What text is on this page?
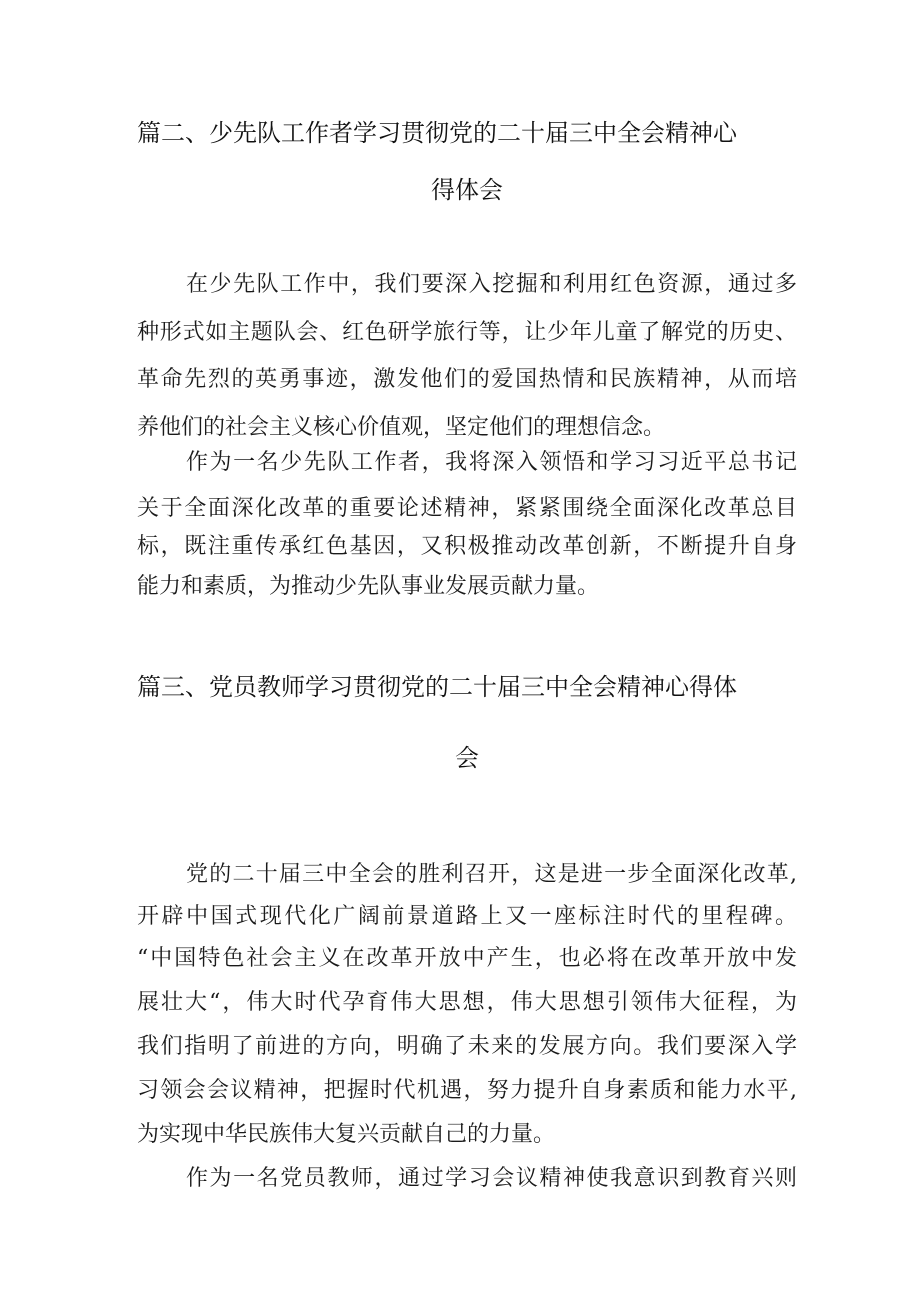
篇二、少先队工作者学习贯彻党的二十届三中全会精神心
得体会
在少先队工作中，我们要深入挖掘和利用红色资源，通过多
种形式如主题队会、红色研学旅行等，让少年儿童了解党的历史、
革命先烈的英勇事迹，激发他们的爱国热情和民族精神，从而培
养他们的社会主义核心价值观，坚定他们的理想信念。
作为一名少先队工作者，我将深入领悟和学习习近平总书记
关于全面深化改革的重要论述精神，紧紧围绕全面深化改革总目
标，既注重传承红色基因，又积极推动改革创新，不断提升自身
能力和素质，为推动少先队事业发展贡献力量。
篇三、党员教师学习贯彻党的二十届三中全会精神心得体
会
党的二十届三中全会的胜利召开，这是进一步全面深化改革,
开辟中国式现代化广阔前景道路上又一座标注时代的里程碑。
“中国特色社会主义在改革开放中产生，也必将在改革开放中发
展壮大“，伟大时代孕育伟大思想，伟大思想引领伟大征程，为
我们指明了前进的方向，明确了未来的发展方向。我们要深入学
习领会会议精神，把握时代机遇，努力提升自身素质和能力水平,
为实现中华民族伟大复兴贡献自己的力量。
作为一名党员教师，通过学习会议精神使我意识到教育兴则
